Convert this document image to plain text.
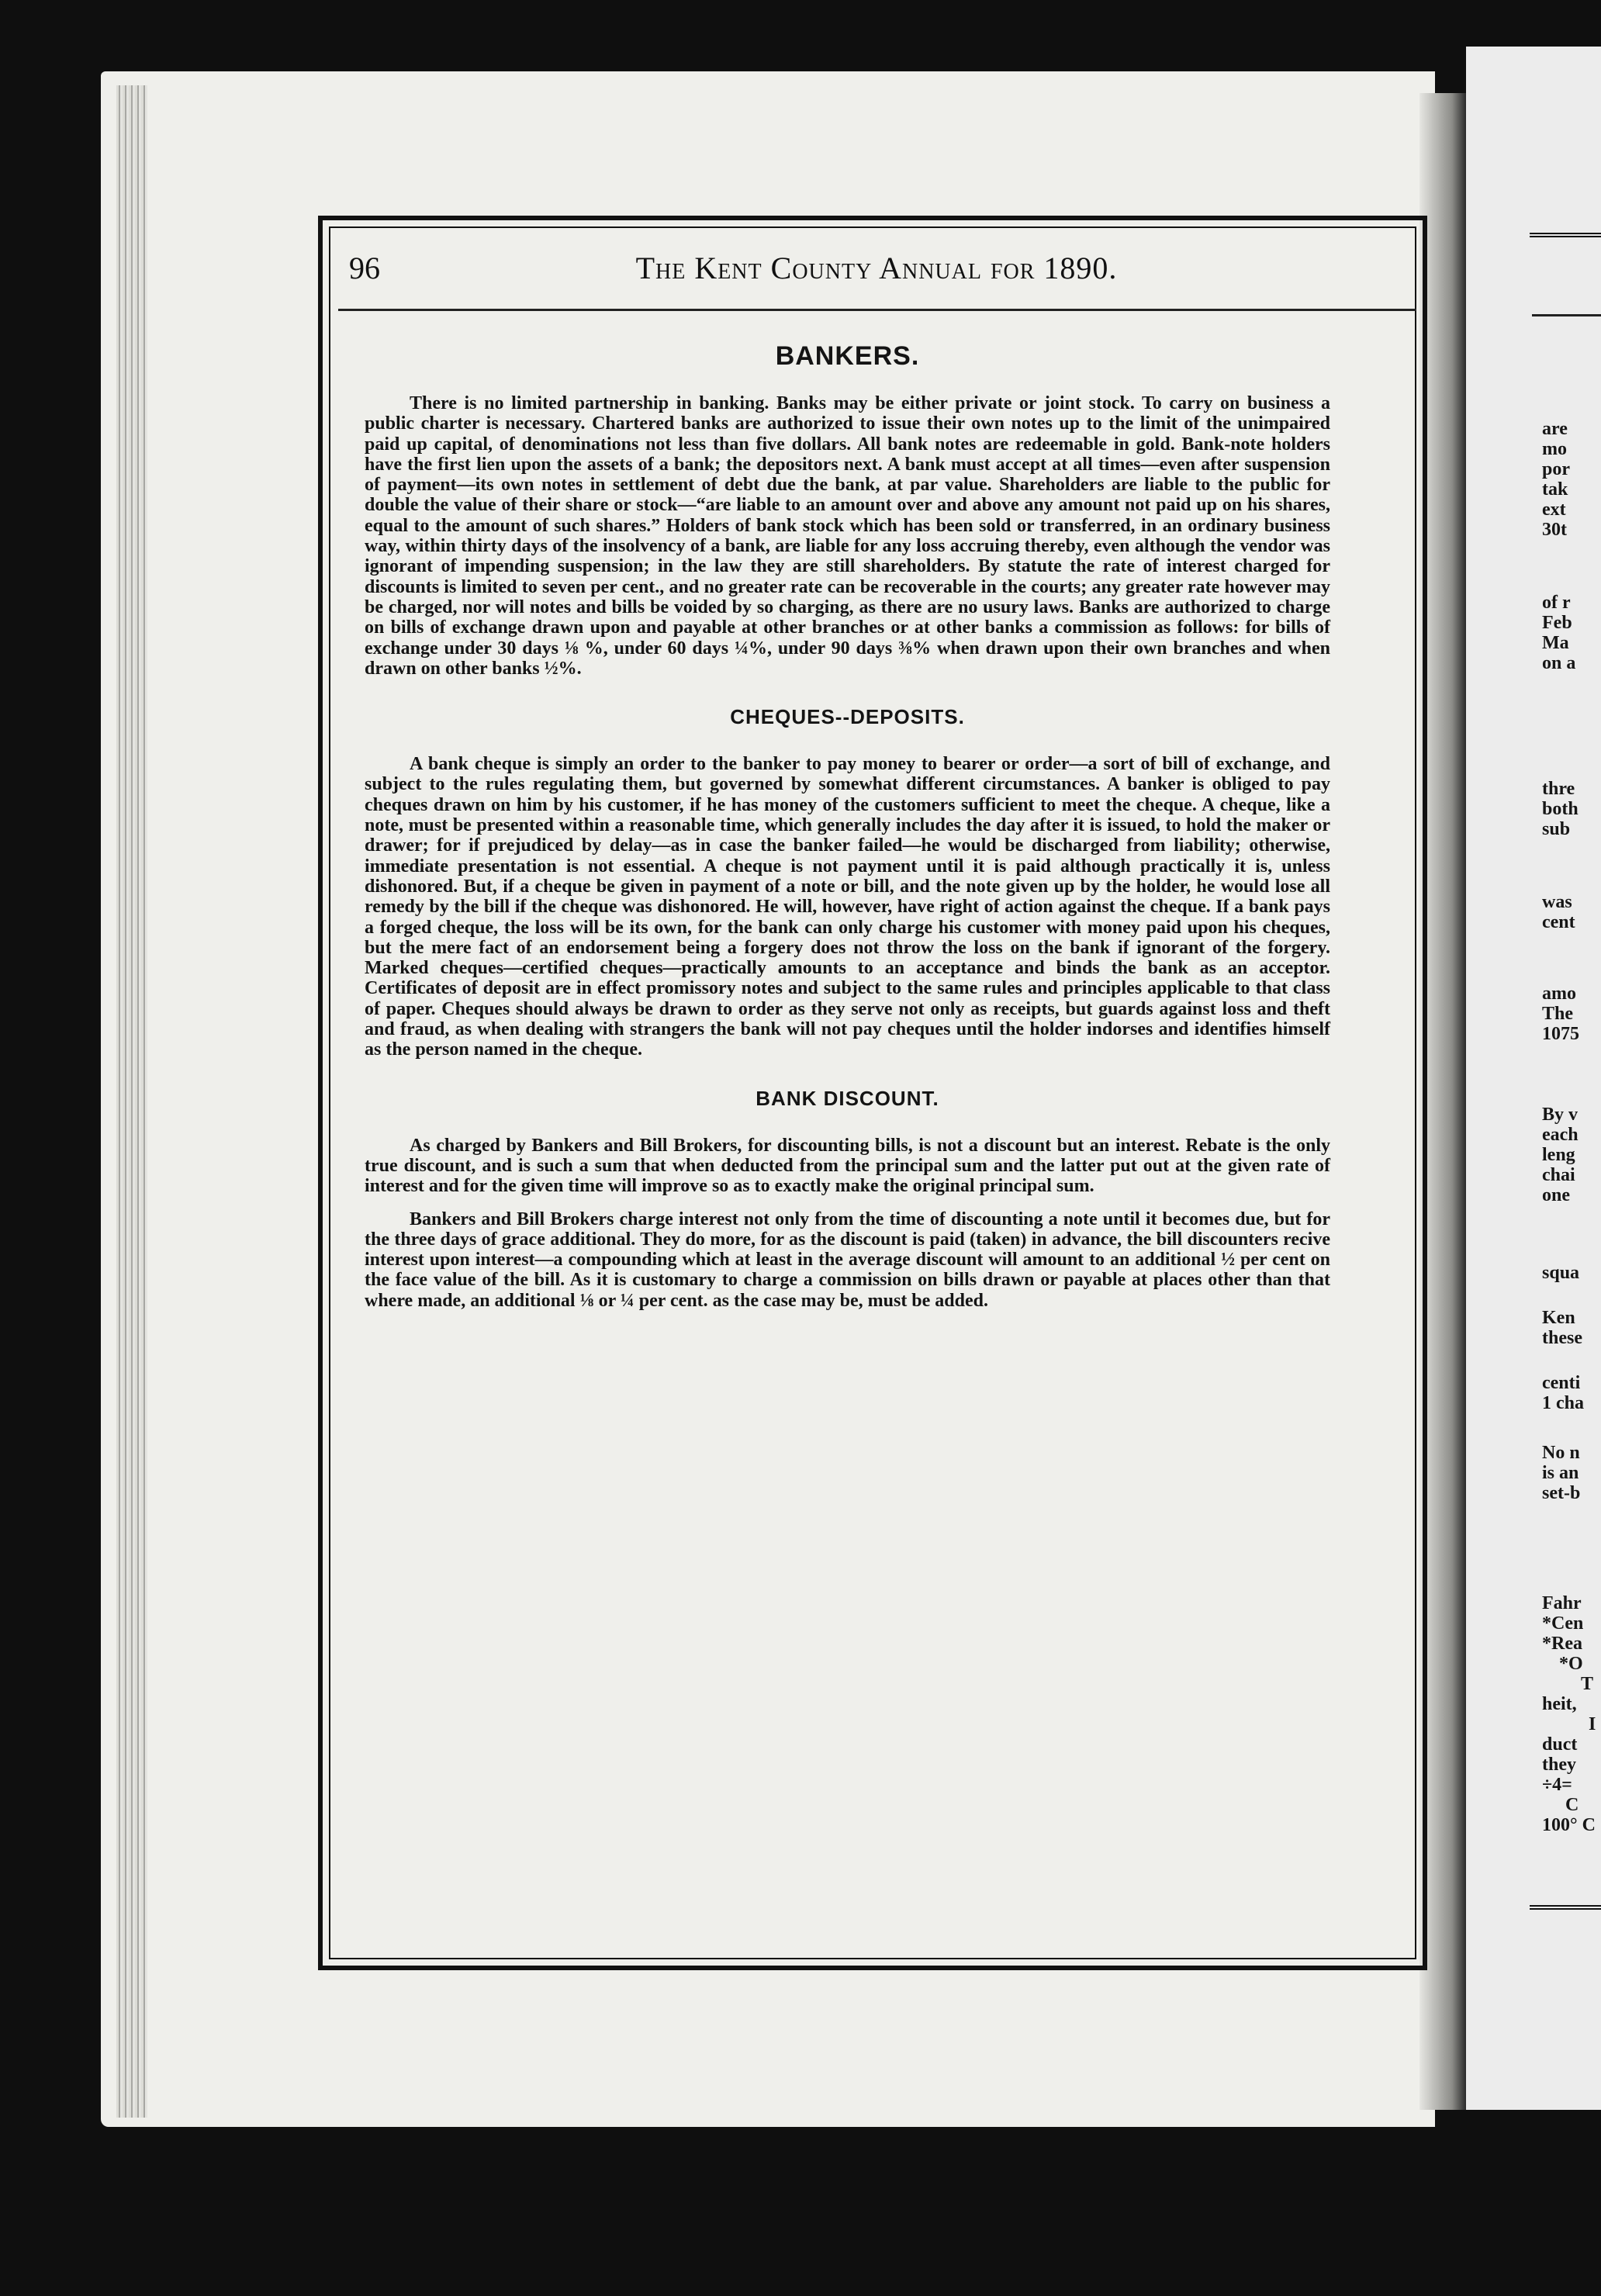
are
mo
por
tak
ext
30t
of r
Feb
Ma
on a
thre
both
sub
was
cent
amo
The
1075
By v
each
leng
chai
one
squa
Ken
these
centi
1 cha
No n
is an
set-b
Fahr
*Cen
*Rea
*O
T
heit,
I
duct
they
÷4=
C
100° C
96	The Kent County Annual for 1890.
BANKERS.

There is no limited partnership in banking. Banks may be either private or joint stock. To carry on business a public charter is necessary. Chartered banks are authorized to issue their own notes up to the limit of the unimpaired paid up capital, of denominations not less than five dollars. All bank notes are redeemable in gold. Bank-note holders have the first lien upon the assets of a bank; the depositors next. A bank must accept at all times—even after suspension of payment—its own notes in settlement of debt due the bank, at par value. Shareholders are liable to the public for double the value of their share or stock—“are liable to an amount over and above any amount not paid up on his shares, equal to the amount of such shares.” Holders of bank stock which has been sold or transferred, in an ordinary business way, within thirty days of the insolvency of a bank, are liable for any loss accruing thereby, even although the vendor was ignorant of impending suspension; in the law they are still shareholders. By statute the rate of interest charged for discounts is limited to seven per cent., and no greater rate can be recoverable in the courts; any greater rate however may be charged, nor will notes and bills be voided by so charging, as there are no usury laws. Banks are authorized to charge on bills of exchange drawn upon and payable at other branches or at other banks a commission as follows: for bills of exchange under 30 days ⅛ %, under 60 days ¼%, under 90 days ⅜% when drawn upon their own branches and when drawn on other banks ½%.

CHEQUES--DEPOSITS.

A bank cheque is simply an order to the banker to pay money to bearer or order—a sort of bill of exchange, and subject to the rules regulating them, but governed by somewhat different circumstances. A banker is obliged to pay cheques drawn on him by his customer, if he has money of the customers sufficient to meet the cheque. A cheque, like a note, must be presented within a reasonable time, which generally includes the day after it is issued, to hold the maker or drawer; for if prejudiced by delay—as in case the banker failed—he would be discharged from liability; otherwise, immediate presentation is not essential. A cheque is not payment until it is paid although practically it is, unless dishonored. But, if a cheque be given in payment of a note or bill, and the note given up by the holder, he would lose all remedy by the bill if the cheque was dishonored. He will, however, have right of action against the cheque. If a bank pays a forged cheque, the loss will be its own, for the bank can only charge his customer with money paid upon his cheques, but the mere fact of an endorsement being a forgery does not throw the loss on the bank if ignorant of the forgery. Marked cheques—certified cheques—practically amounts to an acceptance and binds the bank as an acceptor. Certificates of deposit are in effect promissory notes and subject to the same rules and principles applicable to that class of paper. Cheques should always be drawn to order as they serve not only as receipts, but guards against loss and theft and fraud, as when dealing with strangers the bank will not pay cheques until the holder indorses and identifies himself as the person named in the cheque.

BANK DISCOUNT.

As charged by Bankers and Bill Brokers, for discounting bills, is not a discount but an interest. Rebate is the only true discount, and is such a sum that when deducted from the principal sum and the latter put out at the given rate of interest and for the given time will improve so as to exactly make the original principal sum.

Bankers and Bill Brokers charge interest not only from the time of discounting a note until it becomes due, but for the three days of grace additional. They do more, for as the discount is paid (taken) in advance, the bill discounters recive interest upon interest—a compounding which at least in the average discount will amount to an additional ½ per cent on the face value of the bill. As it is customary to charge a commission on bills drawn or payable at places other than that where made, an additional ⅛ or ¼ per cent. as the case may be, must be added.
